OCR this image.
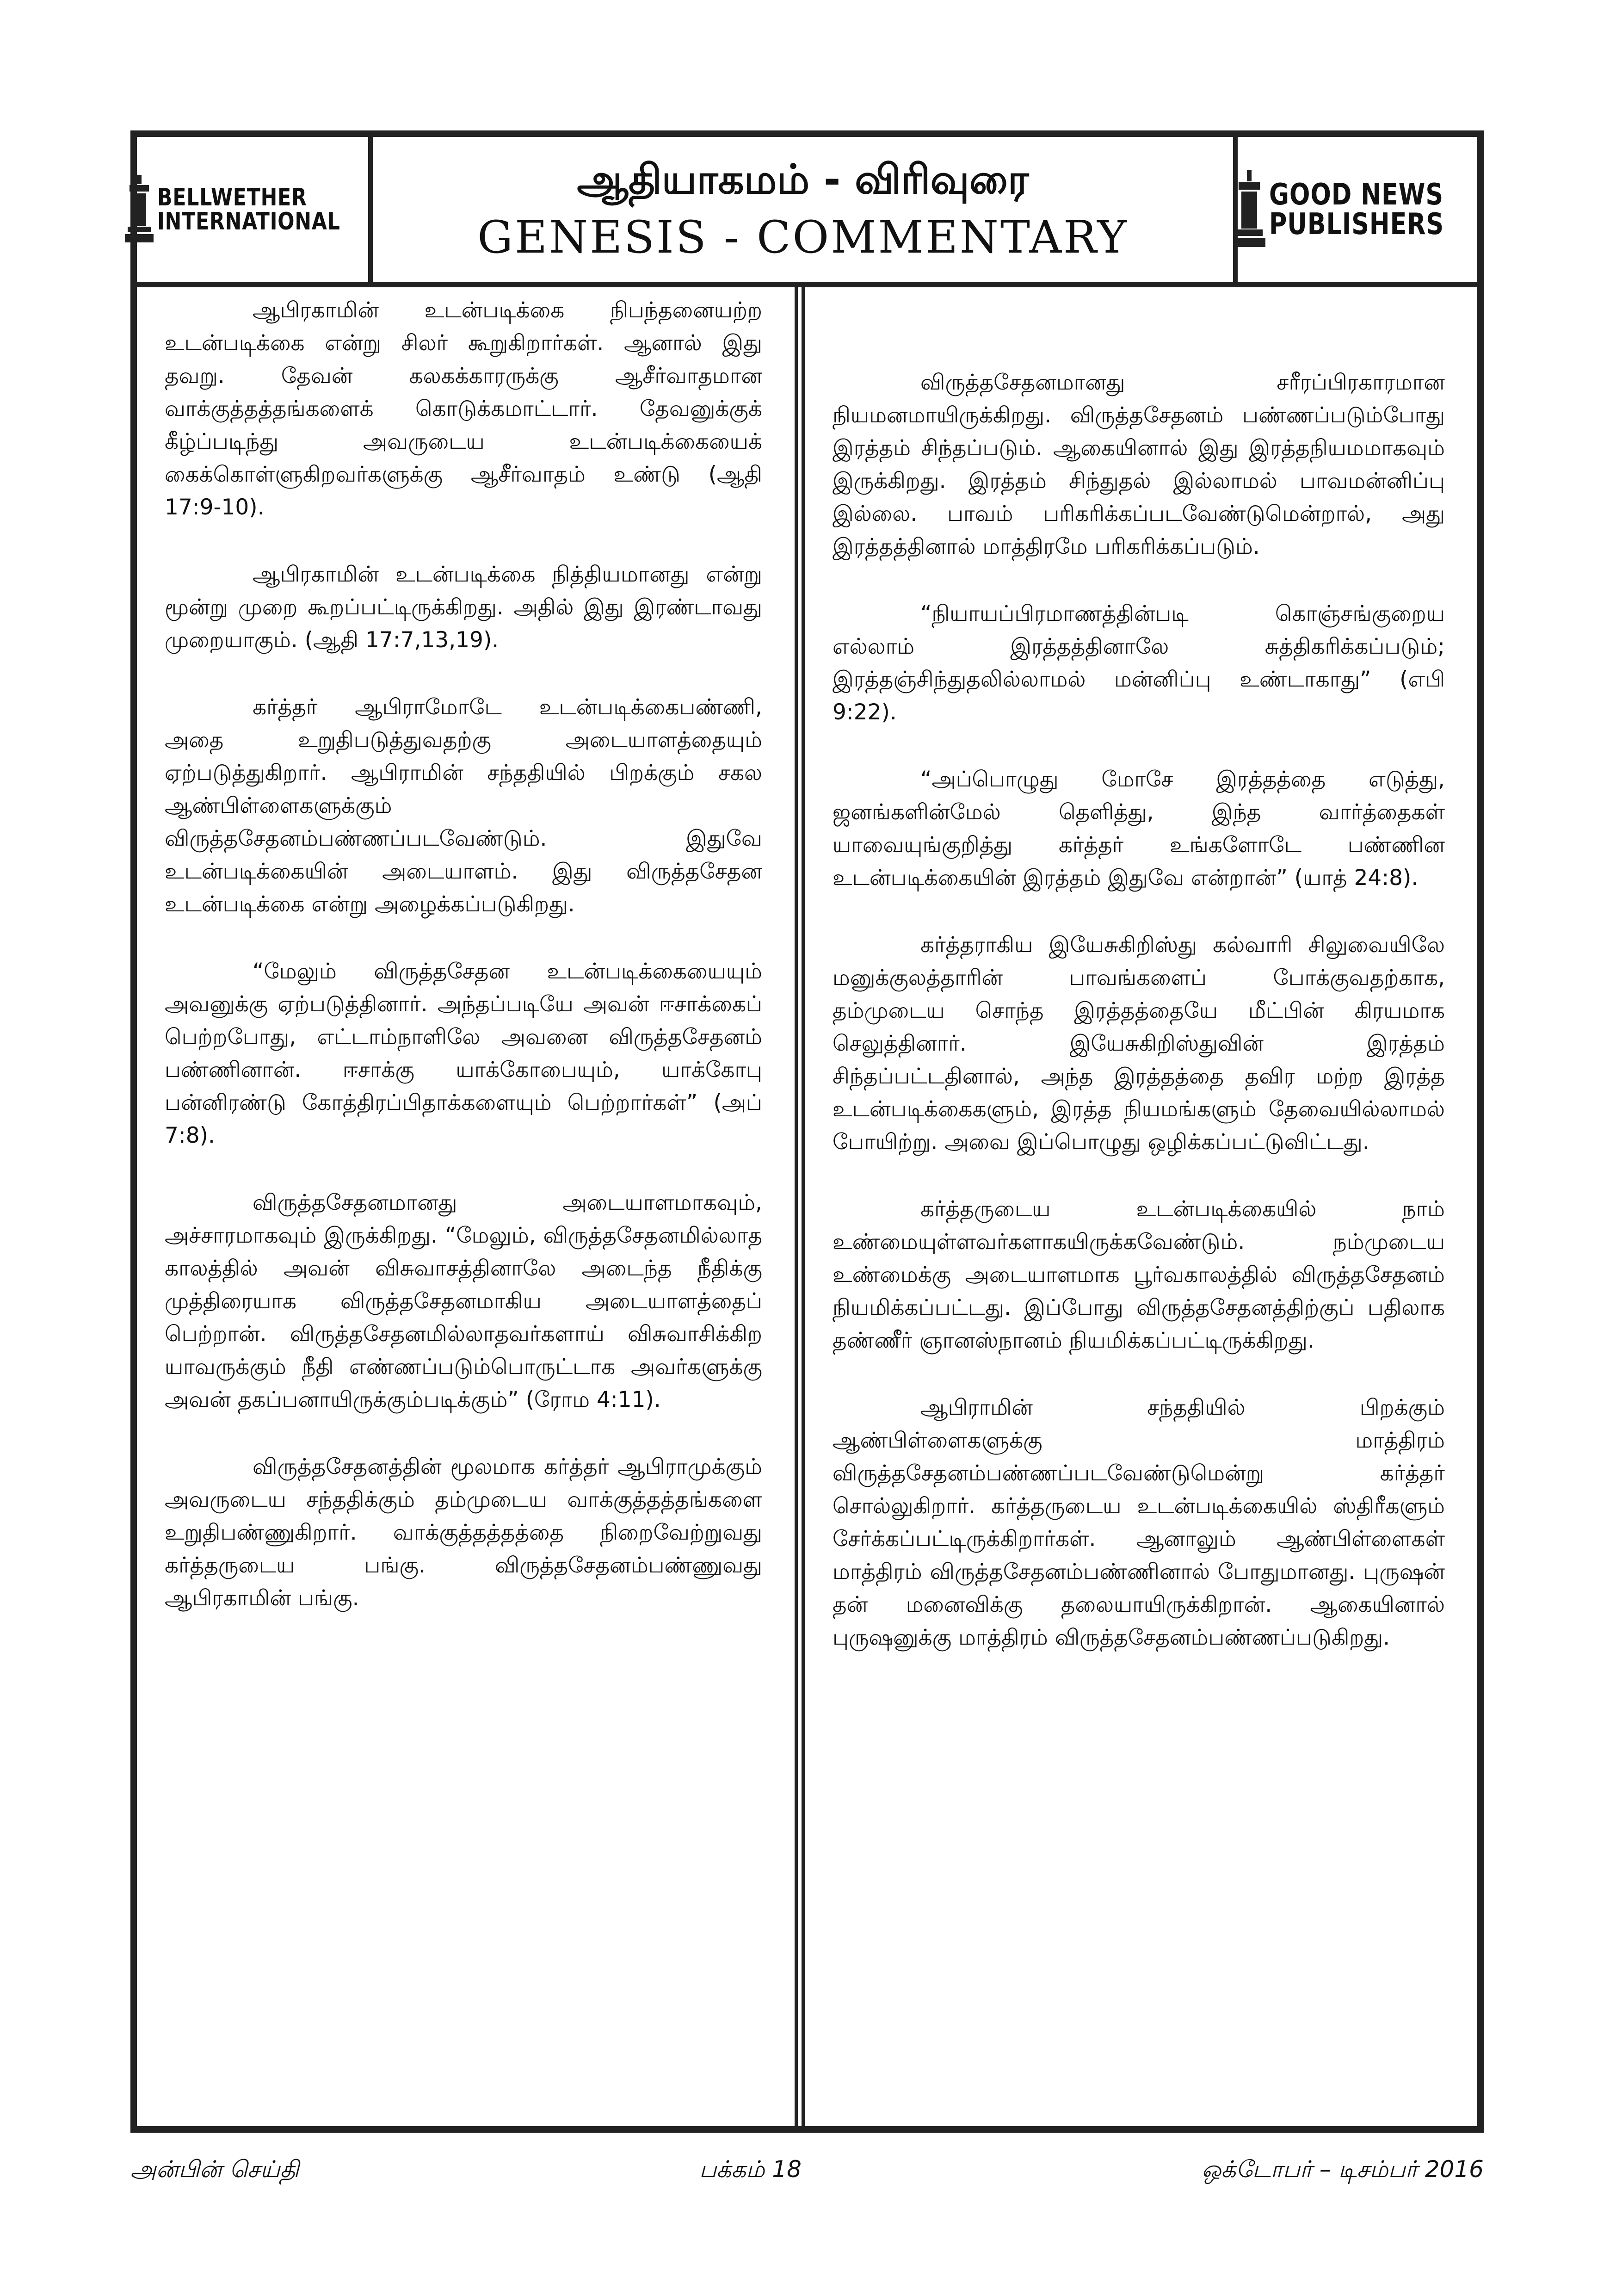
BELLWETHER
INTERNATIONAL
ஆதியாகமம் - விரிவுரை
GENESIS - COMMENTARY
GOOD NEWS
PUBLISHERS

ஆபிரகாமின் உடன்படிக்கை நிபந்தனையற்ற உடன்படிக்கை என்று சிலர் கூறுகிறார்கள். ஆனால் இது தவறு. தேவன் கலகக்காரருக்கு ஆசீர்வாதமான வாக்குத்தத்தங்களைக் கொடுக்கமாட்டார். தேவனுக்குக் கீழ்ப்படிந்து அவருடைய உடன்படிக்கையைக் கைக்கொள்ளுகிறவர்களுக்கு ஆசீர்வாதம் உண்டு (ஆதி 17:9-10).

ஆபிரகாமின் உடன்படிக்கை நித்தியமானது என்று மூன்று முறை கூறப்பட்டிருக்கிறது. அதில் இது இரண்டாவது முறையாகும். (ஆதி 17:7,13,19).

கர்த்தர் ஆபிராமோடே உடன்படிக்கைபண்ணி, அதை உறுதிபடுத்துவதற்கு அடையாளத்தையும் ஏற்படுத்துகிறார். ஆபிராமின் சந்ததியில் பிறக்கும் சகல ஆண்பிள்ளைகளுக்கும் விருத்தசேதனம்பண்ணப்படவேண்டும். இதுவே உடன்படிக்கையின் அடையாளம். இது விருத்தசேதன உடன்படிக்கை என்று அழைக்கப்படுகிறது.

“மேலும் விருத்தசேதன உடன்படிக்கையையும் அவனுக்கு ஏற்படுத்தினார். அந்தப்படியே அவன் ஈசாக்கைப் பெற்றபோது, எட்டாம்நாளிலே அவனை விருத்தசேதனம் பண்ணினான். ஈசாக்கு யாக்கோபையும், யாக்கோபு பன்னிரண்டு கோத்திரப்பிதாக்களையும் பெற்றார்கள்” (அப் 7:8).

விருத்தசேதனமானது அடையாளமாகவும், அச்சாரமாகவும் இருக்கிறது. “மேலும், விருத்தசேதனமில்லாத காலத்தில் அவன் விசுவாசத்தினாலே அடைந்த நீதிக்கு முத்திரையாக விருத்தசேதனமாகிய அடையாளத்தைப் பெற்றான். விருத்தசேதனமில்லாதவர்களாய் விசுவாசிக்கிற யாவருக்கும் நீதி எண்ணப்படும்பொருட்டாக அவர்களுக்கு அவன் தகப்பனாயிருக்கும்படிக்கும்” (ரோம 4:11).

விருத்தசேதனத்தின் மூலமாக கர்த்தர் ஆபிராமுக்கும் அவருடைய சந்ததிக்கும் தம்முடைய வாக்குத்தத்தங்களை உறுதிபண்ணுகிறார். வாக்குத்தத்தத்தை நிறைவேற்றுவது கர்த்தருடைய பங்கு. விருத்தசேதனம்பண்ணுவது ஆபிரகாமின் பங்கு.

விருத்தசேதனமானது சரீரப்பிரகாரமான நியமனமாயிருக்கிறது. விருத்தசேதனம் பண்ணப்படும்போது இரத்தம் சிந்தப்படும். ஆகையினால் இது இரத்தநியமமாகவும் இருக்கிறது. இரத்தம் சிந்துதல் இல்லாமல் பாவமன்னிப்பு இல்லை. பாவம் பரிகரிக்கப்படவேண்டுமென்றால், அது இரத்தத்தினால் மாத்திரமே பரிகரிக்கப்படும்.

“நியாயப்பிரமாணத்தின்படி கொஞ்சங்குறைய எல்லாம் இரத்தத்தினாலே சுத்திகரிக்கப்படும்; இரத்தஞ்சிந்துதலில்லாமல் மன்னிப்பு உண்டாகாது” (எபி 9:22).

“அப்பொழுது மோசே இரத்தத்தை எடுத்து, ஜனங்களின்மேல் தெளித்து, இந்த வார்த்தைகள் யாவையுங்குறித்து கர்த்தர் உங்களோடே பண்ணின உடன்படிக்கையின் இரத்தம் இதுவே என்றான்” (யாத் 24:8).

கர்த்தராகிய இயேசுகிறிஸ்து கல்வாரி சிலுவையிலே மனுக்குலத்தாரின் பாவங்களைப் போக்குவதற்காக, தம்முடைய சொந்த இரத்தத்தையே மீட்பின் கிரயமாக செலுத்தினார். இயேசுகிறிஸ்துவின் இரத்தம் சிந்தப்பட்டதினால், அந்த இரத்தத்தை தவிர மற்ற இரத்த உடன்படிக்கைகளும், இரத்த நியமங்களும் தேவையில்லாமல் போயிற்று. அவை இப்பொழுது ஒழிக்கப்பட்டுவிட்டது.

கர்த்தருடைய உடன்படிக்கையில் நாம் உண்மையுள்ளவர்களாகயிருக்கவேண்டும். நம்முடைய உண்மைக்கு அடையாளமாக பூர்வகாலத்தில் விருத்தசேதனம் நியமிக்கப்பட்டது. இப்போது விருத்தசேதனத்திற்குப் பதிலாக தண்ணீர் ஞானஸ்நானம் நியமிக்கப்பட்டிருக்கிறது.

ஆபிராமின் சந்ததியில் பிறக்கும் ஆண்பிள்ளைகளுக்கு மாத்திரம் விருத்தசேதனம்பண்ணப்படவேண்டுமென்று கர்த்தர் சொல்லுகிறார். கர்த்தருடைய உடன்படிக்கையில் ஸ்திரீகளும் சேர்க்கப்பட்டிருக்கிறார்கள். ஆனாலும் ஆண்பிள்ளைகள் மாத்திரம் விருத்தசேதனம்பண்ணினால் போதுமானது. புருஷன் தன் மனைவிக்கு தலையாயிருக்கிறான். ஆகையினால் புருஷனுக்கு மாத்திரம் விருத்தசேதனம்பண்ணப்படுகிறது.

அன்பின் செய்தி	பக்கம் 18	ஒக்டோபர் – டிசம்பர் 2016
